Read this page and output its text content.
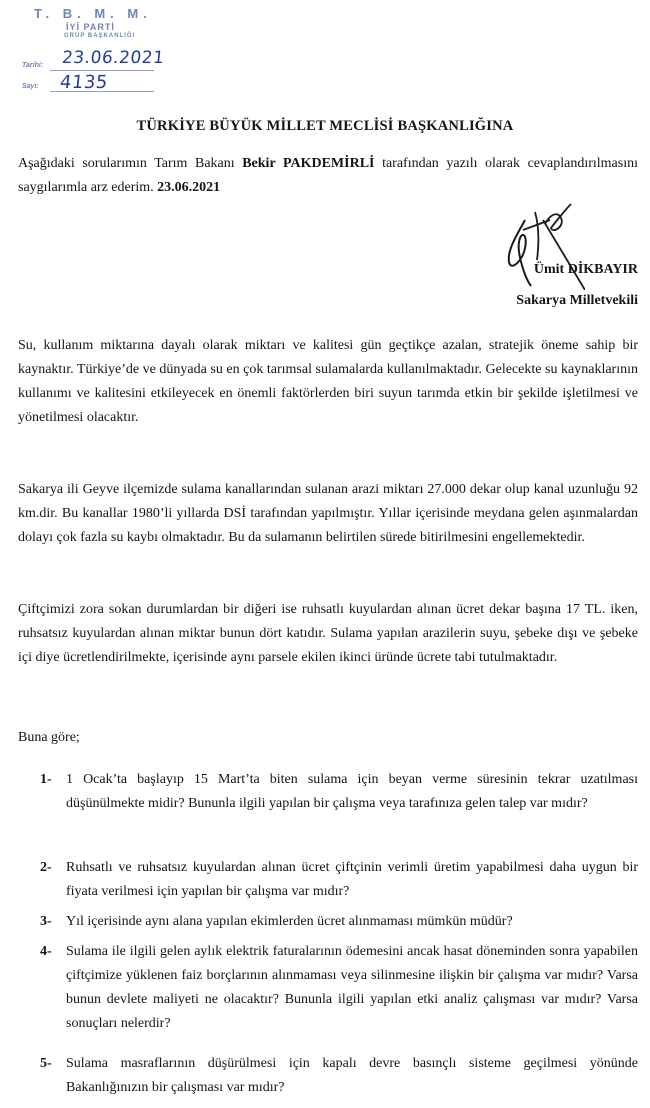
T. B. M. M.
İYİ PARTİ
GRUP BAŞKANLIĞI
Tarihi:
Sayı:
23.06.2021
4135
TÜRKİYE BÜYÜK MİLLET MECLİSİ BAŞKANLIĞINA

Aşağıdaki sorularımın Tarım Bakanı Bekir PAKDEMİRLİ tarafından yazılı olarak cevaplandırılmasını saygılarımla arz ederim. 23.06.2021

Ümit DİKBAYIR
Sakarya Milletvekili

Su, kullanım miktarına dayalı olarak miktarı ve kalitesi gün geçtikçe azalan, stratejik öneme sahip bir kaynaktır. Türkiye’de ve dünyada su en çok tarımsal sulamalarda kullanılmaktadır. Gelecekte su kaynaklarının kullanımı ve kalitesini etkileyecek en önemli faktörlerden biri suyun tarımda etkin bir şekilde işletilmesi ve yönetilmesi olacaktır.

Sakarya ili Geyve ilçemizde sulama kanallarından sulanan arazi miktarı 27.000 dekar olup kanal uzunluğu 92 km.dir. Bu kanallar 1980’li yıllarda DSİ tarafından yapılmıştır. Yıllar içerisinde meydana gelen aşınmalardan dolayı çok fazla su kaybı olmaktadır. Bu da sulamanın belirtilen sürede bitirilmesini engellemektedir.

Çiftçimizi zora sokan durumlardan bir diğeri ise ruhsatlı kuyulardan alınan ücret dekar başına 17 TL. iken, ruhsatsız kuyulardan alınan miktar bunun dört katıdır. Sulama yapılan arazilerin suyu, şebeke dışı ve şebeke içi diye ücretlendirilmekte, içerisinde aynı parsele ekilen ikinci üründe ücrete tabi tutulmaktadır.

Buna göre;

1- 1 Ocak’ta başlayıp 15 Mart’ta biten sulama için beyan verme süresinin tekrar uzatılması düşünülmekte midir? Bununla ilgili yapılan bir çalışma veya tarafınıza gelen talep var mıdır?
2- Ruhsatlı ve ruhsatsız kuyulardan alınan ücret çiftçinin verimli üretim yapabilmesi daha uygun bir fiyata verilmesi için yapılan bir çalışma var mıdır?
3- Yıl içerisinde aynı alana yapılan ekimlerden ücret alınmaması mümkün müdür?
4- Sulama ile ilgili gelen aylık elektrik faturalarının ödemesini ancak hasat döneminden sonra yapabilen çiftçimize yüklenen faiz borçlarının alınmaması veya silinmesine ilişkin bir çalışma var mıdır? Varsa bunun devlete maliyeti ne olacaktır? Bununla ilgili yapılan etki analiz çalışması var mıdır? Varsa sonuçları nelerdir?
5- Sulama masraflarının düşürülmesi için kapalı devre basınçlı sisteme geçilmesi yönünde Bakanlığınızın bir çalışması var mıdır?
